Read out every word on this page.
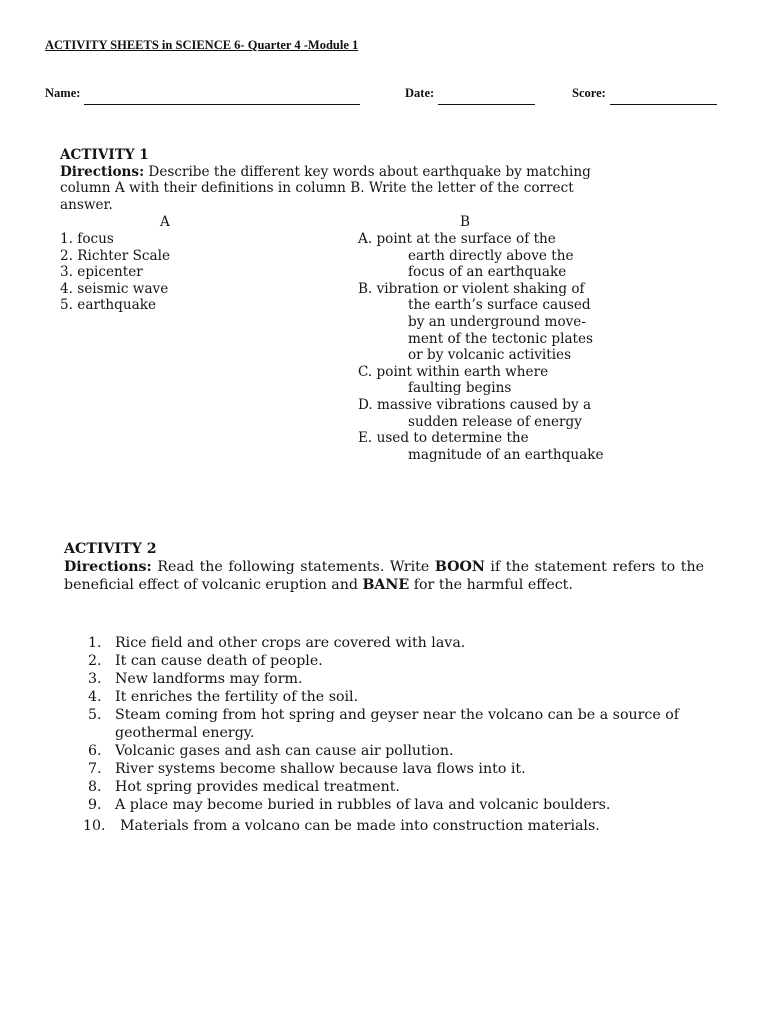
ACTIVITY SHEETS in SCIENCE 6- Quarter 4 -Module 1
Name:	Date:	Score:
ACTIVITY 1
Directions: Describe the different key words about earthquake by matching
column A with their definitions in column B. Write the letter of the correct
answer.
A	B
1. focus
2. Richter Scale
3. epicenter
4. seismic wave
5. earthquake
A. point at the surface of the
earth directly above the
focus of an earthquake
B. vibration or violent shaking of
the earth’s surface caused
by an underground move-
ment of the tectonic plates
or by volcanic activities
C. point within earth where
faulting begins
D. massive vibrations caused by a
sudden release of energy
E. used to determine the
magnitude of an earthquake
ACTIVITY 2
Directions: Read the following statements. Write BOON if the statement refers to the beneficial effect of volcanic eruption and BANE for the harmful effect.
1. Rice field and other crops are covered with lava.
2. It can cause death of people.
3. New landforms may form.
4. It enriches the fertility of the soil.
5. Steam coming from hot spring and geyser near the volcano can be a source of geothermal energy.
6. Volcanic gases and ash can cause air pollution.
7. River systems become shallow because lava flows into it.
8. Hot spring provides medical treatment.
9. A place may become buried in rubbles of lava and volcanic boulders.
10. Materials from a volcano can be made into construction materials.
